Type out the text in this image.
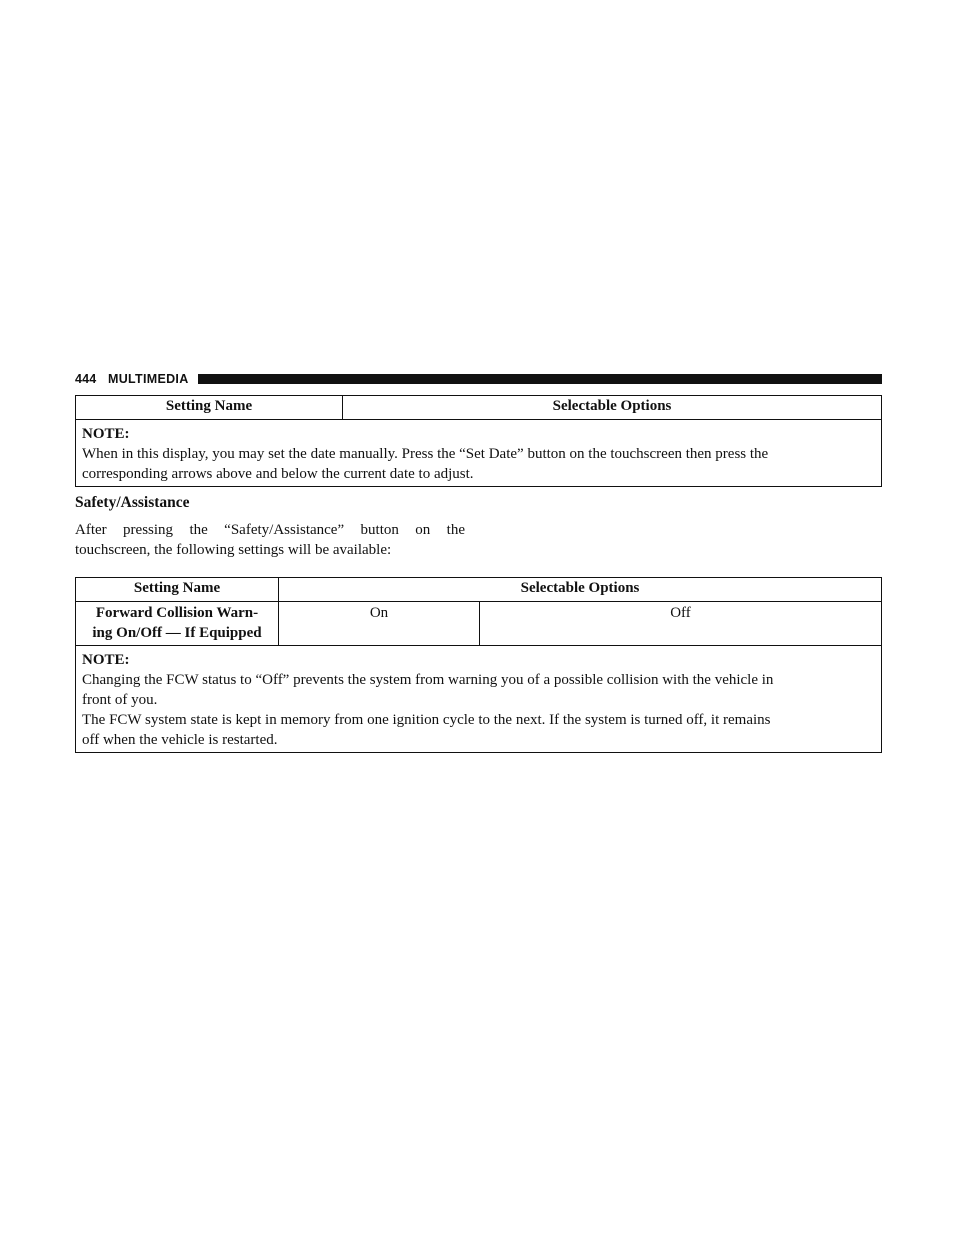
444 MULTIMEDIA
Setting Name	Selectable Options

NOTE:
When in this display, you may set the date manually. Press the “Set Date” button on the touchscreen then press the
corresponding arrows above and below the current date to adjust.
Safety/Assistance
After pressing the “Safety/Assistance” button on the
touchscreen, the following settings will be available:
Setting Name	Selectable Options	

Forward Collision Warn-
ing On/Off — If Equipped	On	Off

NOTE:
Changing the FCW status to “Off” prevents the system from warning you of a possible collision with the vehicle in
front of you.
The FCW system state is kept in memory from one ignition cycle to the next. If the system is turned off, it remains
off when the vehicle is restarted.		
